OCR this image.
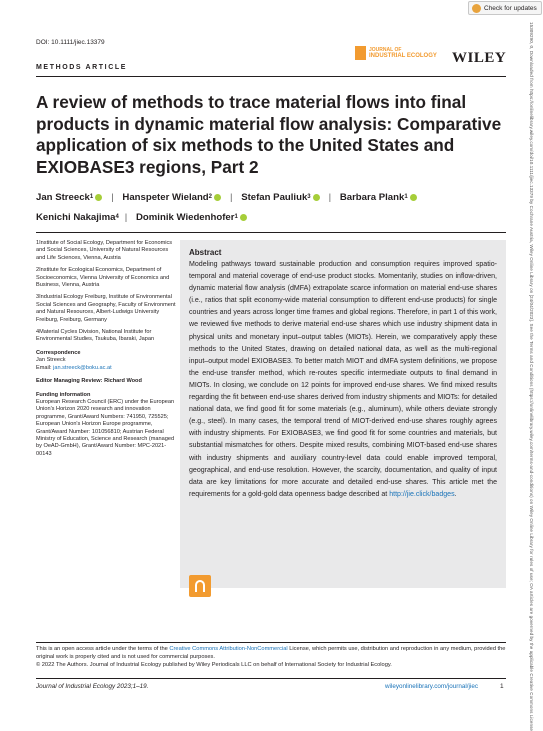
Check for updates
15309290, 0, Downloaded from https://onlinelibrary.wiley.com/doi/10.1111/jiec.13379 by Cochrane Austria, Wiley Online Library on [24/04/2023]. See the Terms and Conditions (https://onlinelibrary.wiley.com/terms-and-conditions) on Wiley Online Library for rules of use; OA articles are governed by the applicable Creative Commons License
DOI: 10.1111/jiec.13379
JOURNAL OF
INDUSTRIAL ECOLOGY WILEY
METHODS ARTICLE
A review of methods to trace material flows into final products in dynamic material flow analysis: Comparative application of six methods to the United States and EXIOBASE3 regions, Part 2
Jan Streeck 1 | Hanspeter Wieland 2 | Stefan Pauliuk 3 | Barbara Plank 1

Kenichi Nakajima 4 | Dominik Wiedenhofer 1
1Institute of Social Ecology, Department for Economics and Social Sciences, University of Natural Resources and Life Sciences, Vienna, Austria
2Institute for Ecological Economics, Department of Socioeconomics, Vienna University of Economics and Business, Vienna, Austria
3Industrial Ecology Freiburg, Institute of Environmental Social Sciences and Geography, Faculty of Environment and Natural Resources, Albert-Ludwigs University Freiburg, Freiburg, Germany
4Material Cycles Division, National Institute for Environmental Studies, Tsukuba, Ibaraki, Japan
Correspondence
Jan Streeck
Email: jan.streeck@boku.ac.at
Editor Managing Review: Richard Wood
Funding information
European Research Council (ERC) under the European Union's Horizon 2020 research and innovation programme, Grant/Award Numbers: 741950, 725525; European Union's Horizon Europe programme, Grant/Award Number: 101056810; Austrian Federal Ministry of Education, Science and Research (managed by OeAD-GmbH), Grant/Award Number: MPC-2021-00143
Abstract
Modeling pathways toward sustainable production and consumption requires improved spatio-temporal and material coverage of end-use product stocks. Momentarily, studies on inflow-driven, dynamic material flow analysis (dMFA) extrapolate scarce information on material end-use shares (i.e., ratios that split economy-wide material consumption to different end-use products) for single countries and years across longer time frames and global regions. Therefore, in part 1 of this work, we reviewed five methods to derive material end-use shares which use industry shipment data in physical units and monetary input–output tables (MIOTs). Herein, we comparatively apply these methods to the United States, drawing on detailed national data, as well as the multi-regional input–output model EXIOBASE3. To better match MIOT and dMFA system definitions, we propose the end-use transfer method, which re-routes specific intermediate outputs to final demand in MIOTs. In closing, we conclude on 12 points for improved end-use shares. We find mixed results regarding the fit between end-use shares derived from industry shipments and MIOTs: for detailed national data, we find good fit for some materials (e.g., aluminum), while others deviate strongly (e.g., steel). In many cases, the temporal trend of MIOT-derived end-use shares roughly agrees with industry shipments. For EXIOBASE3, we find good fit for some countries and materials, but substantial mismatches for others. Despite mixed results, combining MIOT-based end-use shares with industry shipments and auxiliary country-level data could enable improved temporal, geographical, and end-use resolution. However, the scarcity, documentation, and quality of input data are key limitations for more accurate and detailed end-use shares. This article met the requirements for a gold-gold data openness badge described at http://jie.click/badges.
This is an open access article under the terms of the Creative Commons Attribution-NonCommercial License, which permits use, distribution and reproduction in any medium, provided the original work is properly cited and is not used for commercial purposes.
© 2022 The Authors. Journal of Industrial Ecology published by Wiley Periodicals LLC on behalf of International Society for Industrial Ecology.
Journal of Industrial Ecology 2023;1–19.	wileyonlinelibrary.com/journal/jiec	1
